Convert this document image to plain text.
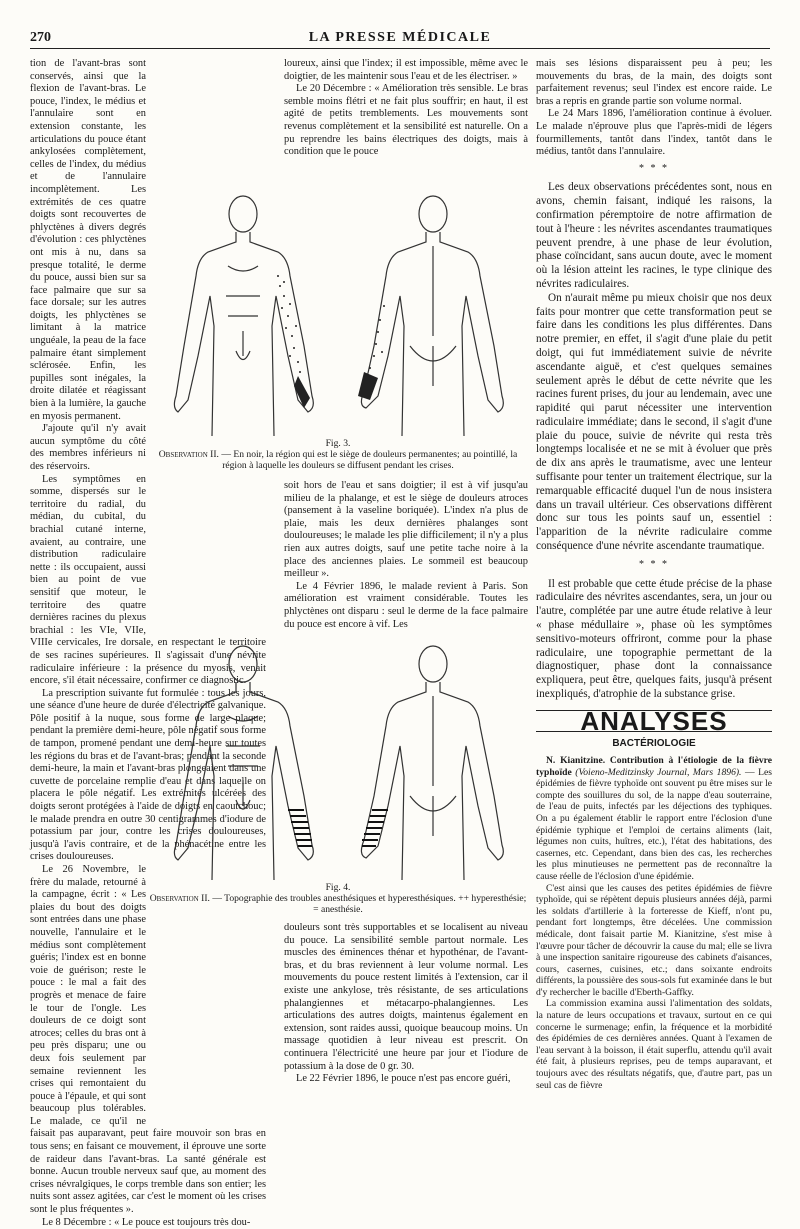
270	LA PRESSE MÉDICALE

tion de l'avant-bras sont conservés, ainsi que la flexion de l'avant-bras. Le pouce, l'index, le médius et l'annulaire sont en extension constante, les articulations du pouce étant ankylosées complètement, celles de l'index, du médius et de l'annulaire incomplètement. Les extrémités de ces quatre doigts sont recouvertes de phlyctènes à divers degrés d'évolution : ces phlyctènes ont mis à nu, dans sa presque totalité, le derme du pouce, aussi bien sur sa face palmaire que sur sa face dorsale; sur les autres doigts, les phlyctènes se limitant à la matrice unguéale, la peau de la face palmaire étant simplement sclérosée. Enfin, les pupilles sont inégales, la droite dilatée et réagissant bien à la lumière, la gauche en myosis permanent.

J'ajoute qu'il n'y avait aucun symptôme du côté des membres inférieurs ni des réservoirs.

Les symptômes en somme, dispersés sur le territoire du radial, du médian, du cubital, du brachial cutané interne, avaient, au contraire, une distribution radiculaire nette : ils occupaient, aussi bien au point de vue sensitif que moteur, le territoire des quatre dernières racines du plexus brachial : les VIe, VIIe, VIIIe cervicales, Ire dorsale, en respectant le territoire de ses racines supérieures. Il s'agissait d'une névrite radiculaire inférieure : la présence du myosis, venait encore, s'il était nécessaire, confirmer ce diagnostic.

La prescription suivante fut formulée : tous les jours, une séance d'une heure de durée d'électricité galvanique. Pôle positif à la nuque, sous forme de large plaque; pendant la première demi-heure, pôle négatif sous forme de tampon, promené pendant une demi-heure sur toutes les régions du bras et de l'avant-bras; pendant la seconde demi-heure, la main et l'avant-bras plongeaient dans une cuvette de porcelaine remplie d'eau et dans laquelle on placera le pôle négatif. Les extrémités ulcérées des doigts seront protégées à l'aide de doigts en caoutchouc; le malade prendra en outre 30 centigrammes d'iodure de potassium par jour, contre les crises douloureuses, jusqu'à l'avis contraire, et de la phénacétine entre les crises douloureuses.

Le 26 Novembre, le frère du malade, retourné à la campagne, écrit : « Les plaies du bout des doigts sont entrées dans une phase nouvelle, l'annulaire et le médius sont complètement guéris; l'index est en bonne voie de guérison; reste le pouce : le mal a fait des progrès et menace de faire le tour de l'ongle. Les douleurs de ce doigt sont atroces; celles du bras ont à peu près disparu; une ou deux fois seulement par semaine reviennent les crises qui remontaient du pouce à l'épaule, et qui sont beaucoup plus tolérables. Le malade, ce qu'il ne faisait pas auparavant, peut faire mouvoir son bras en tous sens; en faisant ce mouvement, il éprouve une sorte de raideur dans l'avant-bras. La santé générale est bonne. Aucun trouble nerveux sauf que, au moment des crises névralgiques, le corps tremble dans son entier; les nuits sont assez agitées, car c'est le moment où les crises sont le plus fréquentes ».

Le 8 Décembre : « Le pouce est toujours très dou-

loureux, ainsi que l'index; il est impossible, même avec le doigtier, de les maintenir sous l'eau et de les électriser. »

Le 20 Décembre : « Amélioration très sensible. Le bras semble moins flétri et ne fait plus souffrir; en haut, il est agité de petits tremblements. Les mouvements sont revenus complètement et la sensibilité est naturelle. On a pu reprendre les bains électriques des doigts, mais à condition que le pouce

Fig. 3.
Observation II. — En noir, la région qui est le siège de douleurs permanentes; au pointillé, la région à laquelle les douleurs se diffusent pendant les crises.

soit hors de l'eau et sans doigtier; il est à vif jusqu'au milieu de la phalange, et est le siège de douleurs atroces (pansement à la vaseline boriquée). L'index n'a plus de plaie, mais les deux dernières phalanges sont douloureuses; le malade les plie difficilement; il n'y a plus rien aux autres doigts, sauf une petite tache noire à la place des anciennes plaies. Le sommeil est beaucoup meilleur ».

Le 4 Février 1896, le malade revient à Paris. Son amélioration est vraiment considérable. Toutes les phlyctènes ont disparu : seul le derme de la face palmaire du pouce est encore à vif. Les

Fig. 4.
Observation II. — Topographie des troubles anesthésiques et hyperesthésiques. ++ hyperesthésie; = anesthésie.

douleurs sont très supportables et se localisent au niveau du pouce. La sensibilité semble partout normale. Les muscles des éminences thénar et hypothénar, de l'avant-bras, et du bras reviennent à leur volume normal. Les mouvements du pouce restent limités à l'extension, car il existe une ankylose, très résistante, de ses articulations phalangiennes et métacarpo-phalangiennes. Les articulations des autres doigts, maintenus également en extension, sont raides aussi, quoique beaucoup moins. Un massage quotidien à leur niveau est prescrit. On continuera l'électricité une heure par jour et l'iodure de potassium à la dose de 0 gr. 30.

Le 22 Février 1896, le pouce n'est pas encore guéri,

mais ses lésions disparaissent peu à peu; les mouvements du bras, de la main, des doigts sont parfaitement revenus; seul l'index est encore raide. Le bras a repris en grande partie son volume normal.

Le 24 Mars 1896, l'amélioration continue à évoluer. Le malade n'éprouve plus que l'après-midi de légers fourmillements, tantôt dans l'index, tantôt dans le médius, tantôt dans l'annulaire.

* * *

Les deux observations précédentes sont, nous en avons, chemin faisant, indiqué les raisons, la confirmation péremptoire de notre affirmation de tout à l'heure : les névrites ascendantes traumatiques peuvent prendre, à une phase de leur évolution, phase coïncidant, sans aucun doute, avec le moment où la lésion atteint les racines, le type clinique des névrites radiculaires.

On n'aurait même pu mieux choisir que nos deux faits pour montrer que cette transformation peut se faire dans les conditions les plus différentes. Dans notre premier, en effet, il s'agit d'une plaie du petit doigt, qui fut immédiatement suivie de névrite ascendante aiguë, et c'est quelques semaines seulement après le début de cette névrite que les racines furent prises, du jour au lendemain, avec une rapidité qui parut nécessiter une intervention radiculaire immédiate; dans le second, il s'agit d'une plaie du pouce, suivie de névrite qui resta très longtemps localisée et ne se mit à évoluer que près de dix ans après le traumatisme, avec une lenteur suffisante pour tenter un traitement électrique, sur la remarquable efficacité duquel l'un de nous insistera dans un travail ultérieur. Ces observations diffèrent donc sur tous les points sauf un, essentiel : l'apparition de la névrite radiculaire comme conséquence d'une névrite ascendante traumatique.

* * *

Il est probable que cette étude précise de la phase radiculaire des névrites ascendantes, sera, un jour ou l'autre, complétée par une autre étude relative à leur « phase médullaire », phase où les symptômes sensitivo-moteurs offriront, comme pour la phase radiculaire, une topographie permettant de la diagnostiquer, phase dont la connaissance expliquera, peut être, quelques faits, jusqu'à présent inexpliqués, d'atrophie de la substance grise.

ANALYSES
BACTÉRIOLOGIE

N. Kianitzine. Contribution à l'étiologie de la fièvre typhoïde (Voieno-Meditzinsky Journal, Mars 1896). — Les épidémies de fièvre typhoïde ont souvent pu être mises sur le compte des souillures du sol, de la nappe d'eau souterraine, de l'eau de puits, infectés par les déjections des typhiques. On a pu également établir le rapport entre l'éclosion d'une épidémie typhique et l'emploi de certains aliments (lait, légumes non cuits, huîtres, etc.), l'état des habitations, des casernes, etc. Cependant, dans bien des cas, les recherches les plus minutieuses ne permettent pas de reconnaître la cause réelle de l'éclosion d'une épidémie.

C'est ainsi que les causes des petites épidémies de fièvre typhoïde, qui se répètent depuis plusieurs années déjà, parmi les soldats d'artillerie à la forteresse de Kieff, n'ont pu, pendant fort longtemps, être décelées. Une commission médicale, dont faisait partie M. Kianitzine, s'est mise à l'œuvre pour tâcher de découvrir la cause du mal; elle se livra à une inspection sanitaire rigoureuse des cabinets d'aisances, cours, casernes, cuisines, etc.; dans soixante endroits différents, la poussière des sous-sols fut examinée dans le but d'y rechercher le bacille d'Eberth-Gaffky.

La commission examina aussi l'alimentation des soldats, la nature de leurs occupations et travaux, surtout en ce qui concerne le surmenage; enfin, la fréquence et la morbidité des épidémies de ces dernières années. Quant à l'examen de l'eau servant à la boisson, il était superflu, attendu qu'il avait été fait, à plusieurs reprises, peu de temps auparavant, et toujours avec des résultats négatifs, que, d'autre part, pas un seul cas de fièvre
